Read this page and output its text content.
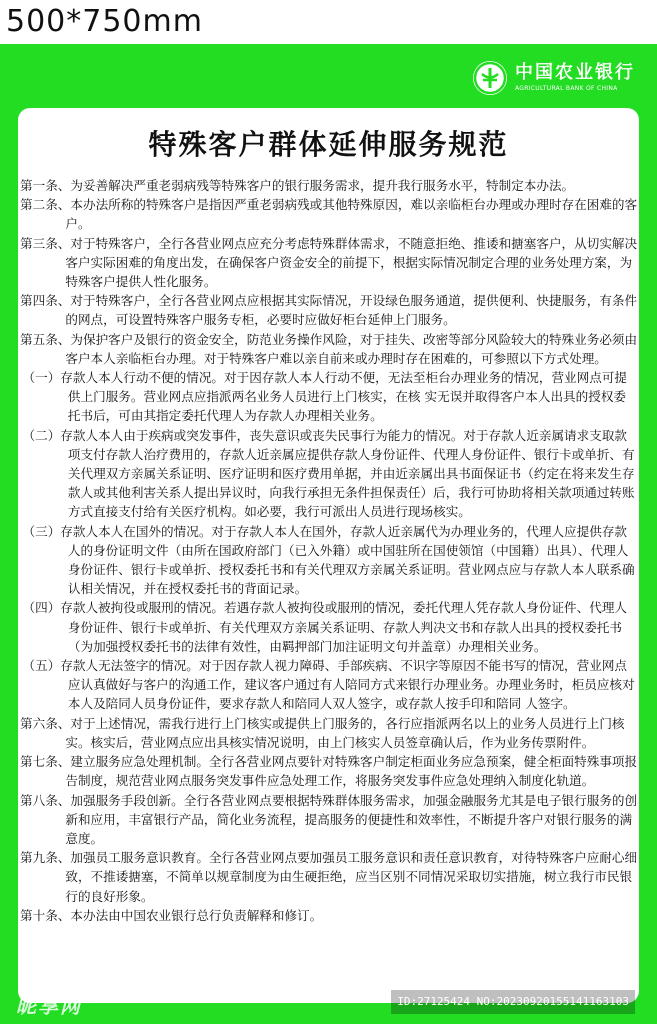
500*750mm
中国农业银行
AGRICULTURAL BANK OF CHINA
特殊客户群体延伸服务规范

第一条、为妥善解决严重老弱病残等特殊客户的银行服务需求，提升我行服务水平，特制定本办法。

第二条、本办法所称的特殊客户是指因严重老弱病残或其他特殊原因，难以亲临柜台办理或办理时存在困难的客户。

第三条、对于特殊客户，全行各营业网点应充分考虑特殊群体需求，不随意拒绝、推诿和搪塞客户，从切实解决客户实际困难的角度出发，在确保客户资金安全的前提下，根据实际情况制定合理的业务处理方案，为特殊客户提供人性化服务。

第四条、对于特殊客户，全行各营业网点应根据其实际情况，开设绿色服务通道，提供便利、快捷服务，有条件的网点，可设置特殊客户服务专柜，必要时应做好柜台延伸上门服务。

第五条、为保护客户及银行的资金安全，防范业务操作风险，对于挂失、改密等部分风险较大的特殊业务必须由客户本人亲临柜台办理。对于特殊客户难以亲自前来或办理时存在困难的，可参照以下方式处理。

（一）存款人本人行动不便的情况。对于因存款人本人行动不便，无法至柜台办理业务的情况，营业网点可提供上门服务。营业网点应指派两名业务人员进行上门核实，在核 实无误并取得客户本人出具的授权委托书后，可由其指定委托代理人为存款人办理相关业务。

（二）存款人本人由于疾病或突发事件，丧失意识或丧失民事行为能力的情况。对于存款人近亲属请求支取款项支付存款人治疗费用的，存款人近亲属应提供存款人身份证件、代理人身份证件、银行卡或单折、有关代理双方亲属关系证明、医疗证明和医疗费用单据，并由近亲属出具书面保证书（约定在将来发生存款人或其他利害关系人提出异议时，向我行承担无条件担保责任）后，我行可协助将相关款项通过转账方式直接支付给有关医疗机构。如必要，我行可派出人员进行现场核实。

（三）存款人本人在国外的情况。对于存款人本人在国外，存款人近亲属代为办理业务的，代理人应提供存款人的身份证明文件（由所在国政府部门（已入外籍）或中国驻所在国使领馆（中国籍）出具）、代理人身份证件、银行卡或单折、授权委托书和有关代理双方亲属关系证明。营业网点应与存款人本人联系确认相关情况，并在授权委托书的背面记录。

（四）存款人被拘役或服刑的情况。若遇存款人被拘役或服刑的情况，委托代理人凭存款人身份证件、代理人身份证件、银行卡或单折、有关代理双方亲属关系证明、存款人判决文书和存款人出具的授权委托书（为加强授权委托书的法律有效性，由羁押部门加注证明文句并盖章）办理相关业务。

（五）存款人无法签字的情况。对于因存款人视力障碍、手部疾病、不识字等原因不能书写的情况，营业网点应认真做好与客户的沟通工作，建议客户通过有人陪同方式来银行办理业务。办理业务时，柜员应核对本人及陪同人员身份证件，要求存款人和陪同人双人签字，或存款人按手印和陪同 人签字。

第六条、对于上述情况，需我行进行上门核实或提供上门服务的，各行应指派两名以上的业务人员进行上门核实。核实后，营业网点应出具核实情况说明，由上门核实人员签章确认后，作为业务传票附件。

第七条、建立服务应急处理机制。全行各营业网点要针对特殊客户制定柜面业务应急预案，健全柜面特殊事项报告制度，规范营业网点服务突发事件应急处理工作，将服务突发事件应急处理纳入制度化轨道。

第八条、加强服务手段创新。全行各营业网点要根据特殊群体服务需求，加强金融服务尤其是电子银行服务的创新和应用，丰富银行产品，简化业务流程，提高服务的便捷性和效率性，不断提升客户对银行服务的满意度。

第九条、加强员工服务意识教育。全行各营业网点要加强员工服务意识和责任意识教育，对待特殊客户应耐心细致，不推诿搪塞，不简单以规章制度为由生硬拒绝，应当区别不同情况采取切实措施，树立我行市民银行的良好形象。

第十条、本办法由中国农业银行总行负责解释和修订。

昵享网	ID:27125424 NO:20230920155141163103
